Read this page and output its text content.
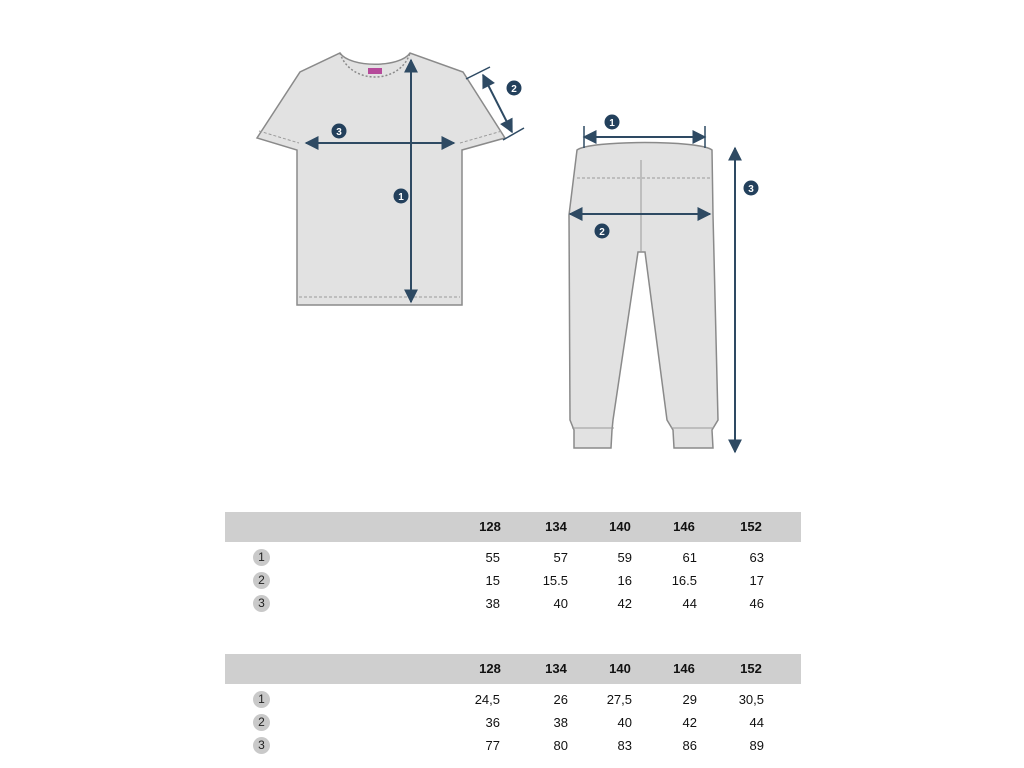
1
2
3
1
2
3
128	134	140	146	152
1	55	57	59	61	63
2	15	15.5	16	16.5	17
3	38	40	42	44	46
128	134	140	146	152
1	24,5	26	27,5	29	30,5
2	36	38	40	42	44
3	77	80	83	86	89
